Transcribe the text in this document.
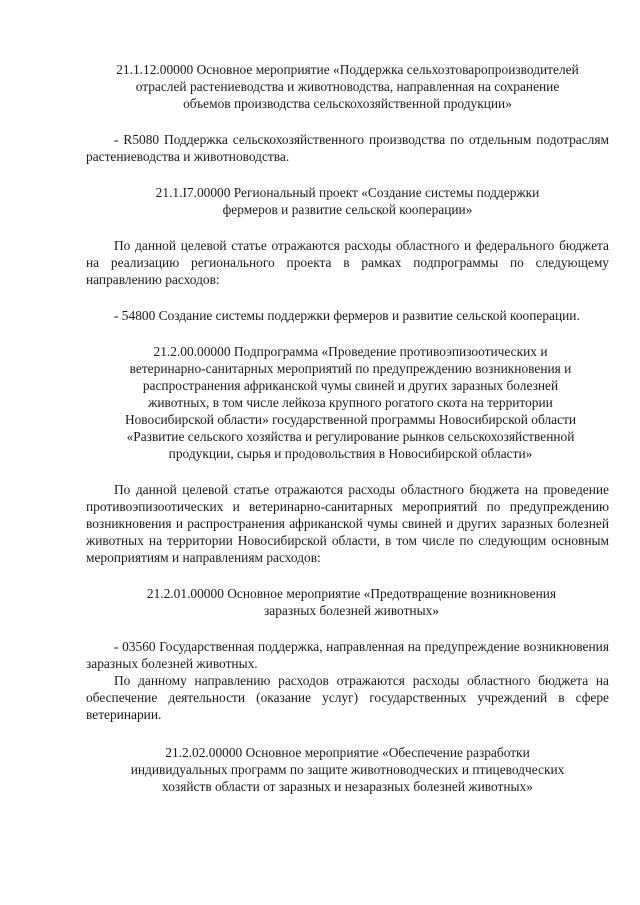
21.1.12.00000 Основное мероприятие «Поддержка сельхозтоваропроизводителей
отраслей растениеводства и животноводства, направленная на сохранение
объемов производства сельскохозяйственной продукции»

- R5080 Поддержка сельскохозяйственного производства по отдельным подотраслям растениеводства и животноводства.

21.1.I7.00000 Региональный проект «Создание системы поддержки
фермеров и развитие сельской кооперации»

По данной целевой статье отражаются расходы областного и федерального бюджета на реализацию регионального проекта в рамках подпрограммы по следующему направлению расходов:

- 54800 Создание системы поддержки фермеров и развитие сельской кооперации.

21.2.00.00000 Подпрограмма «Проведение противоэпизоотических и
ветеринарно-санитарных мероприятий по предупреждению возникновения и
распространения африканской чумы свиней и других заразных болезней
животных, в том числе лейкоза крупного рогатого скота на территории
Новосибирской области» государственной программы Новосибирской области
«Развитие сельского хозяйства и регулирование рынков сельскохозяйственной
продукции, сырья и продовольствия в Новосибирской области»

По данной целевой статье отражаются расходы областного бюджета на проведение противоэпизоотических и ветеринарно-санитарных мероприятий по предупреждению возникновения и распространения африканской чумы свиней и других заразных болезней животных на территории Новосибирской области, в том числе по следующим основным мероприятиям и направлениям расходов:

21.2.01.00000 Основное мероприятие «Предотвращение возникновения
заразных болезней животных»

- 03560 Государственная поддержка, направленная на предупреждение возникновения заразных болезней животных.

По данному направлению расходов отражаются расходы областного бюджета на обеспечение деятельности (оказание услуг) государственных учреждений в сфере ветеринарии.

21.2.02.00000 Основное мероприятие «Обеспечение разработки
индивидуальных программ по защите животноводческих и птицеводческих
хозяйств области от заразных и незаразных болезней животных»
